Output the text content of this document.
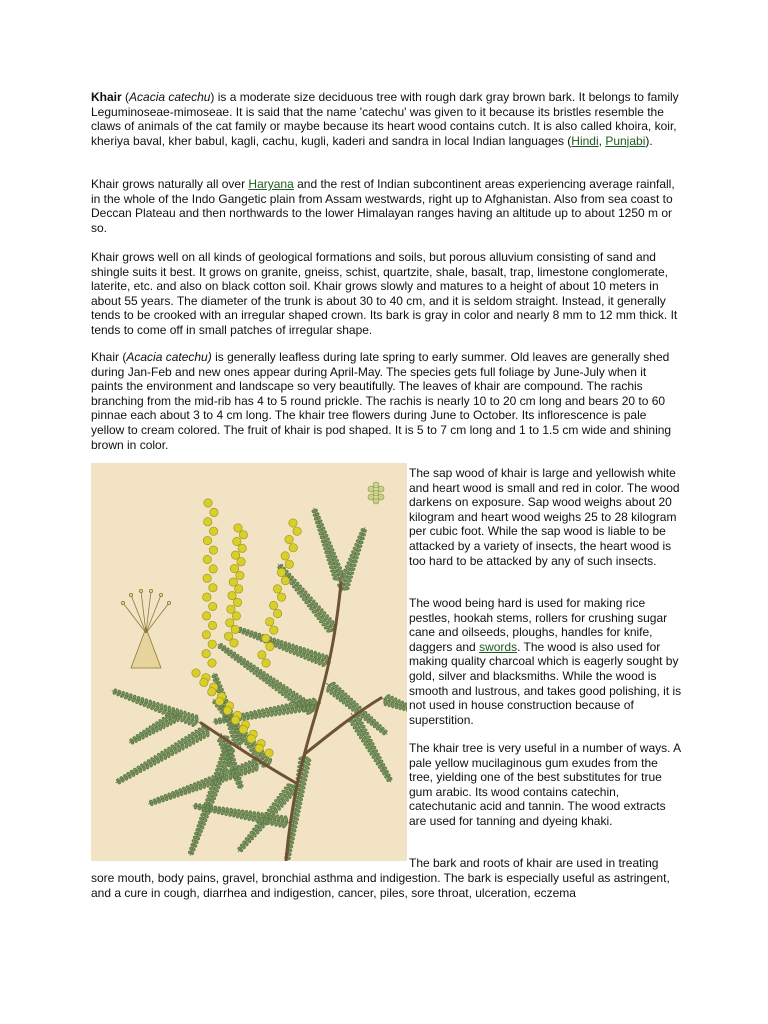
Khair (Acacia catechu) is a moderate size deciduous tree with rough dark gray brown bark. It belongs to family Leguminoseae-mimoseae. It is said that the name 'catechu' was given to it because its bristles resemble the claws of animals of the cat family or maybe because its heart wood contains cutch. It is also called khoira, koir, kheriya baval, kher babul, kagli, cachu, kugli, kaderi and sandra in local Indian languages (Hindi, Punjabi).

Khair grows naturally all over Haryana and the rest of Indian subcontinent areas experiencing average rainfall, in the whole of the Indo Gangetic plain from Assam westwards, right up to Afghanistan. Also from sea coast to Deccan Plateau and then northwards to the lower Himalayan ranges having an altitude up to about 1250 m or so.

Khair grows well on all kinds of geological formations and soils, but porous alluvium consisting of sand and shingle suits it best. It grows on granite, gneiss, schist, quartzite, shale, basalt, trap, limestone conglomerate, laterite, etc. and also on black cotton soil. Khair grows slowly and matures to a height of about 10 meters in about 55 years. The diameter of the trunk is about 30 to 40 cm, and it is seldom straight. Instead, it generally tends to be crooked with an irregular shaped crown. Its bark is gray in color and nearly 8 mm to 12 mm thick. It tends to come off in small patches of irregular shape.

Khair (Acacia catechu) is generally leafless during late spring to early summer. Old leaves are generally shed during Jan-Feb and new ones appear during April-May. The species gets full foliage by June-July when it paints the environment and landscape so very beautifully. The leaves of khair are compound. The rachis branching from the mid-rib has 4 to 5 round prickle. The rachis is nearly 10 to 20 cm long and bears 20 to 60 pinnae each about 3 to 4 cm long. The khair tree flowers during June to October. Its inflorescence is pale yellow to cream colored. The fruit of khair is pod shaped. It is 5 to 7 cm long and 1 to 1.5 cm wide and shining brown in color.

The sap wood of khair is large and yellowish white and heart wood is small and red in color. The wood darkens on exposure. Sap wood weighs about 20 kilogram and heart wood weighs 25 to 28 kilogram per cubic foot. While the sap wood is liable to be attacked by a variety of insects, the heart wood is too hard to be attacked by any of such insects.

The wood being hard is used for making rice pestles, hookah stems, rollers for crushing sugar cane and oilseeds, ploughs, handles for knife, daggers and swords. The wood is also used for making quality charcoal which is eagerly sought by gold, silver and blacksmiths. While the wood is smooth and lustrous, and takes good polishing, it is not used in house construction because of superstition.

The khair tree is very useful in a number of ways. A pale yellow mucilaginous gum exudes from the tree, yielding one of the best substitutes for true gum arabic. Its wood contains catechin, catechutanic acid and tannin. The wood extracts are used for tanning and dyeing khaki.

The bark and roots of khair are used in treating

sore mouth, body pains, gravel, bronchial asthma and indigestion. The bark is especially useful as astringent, and a cure in cough, diarrhea and indigestion, cancer, piles, sore throat, ulceration, eczema
